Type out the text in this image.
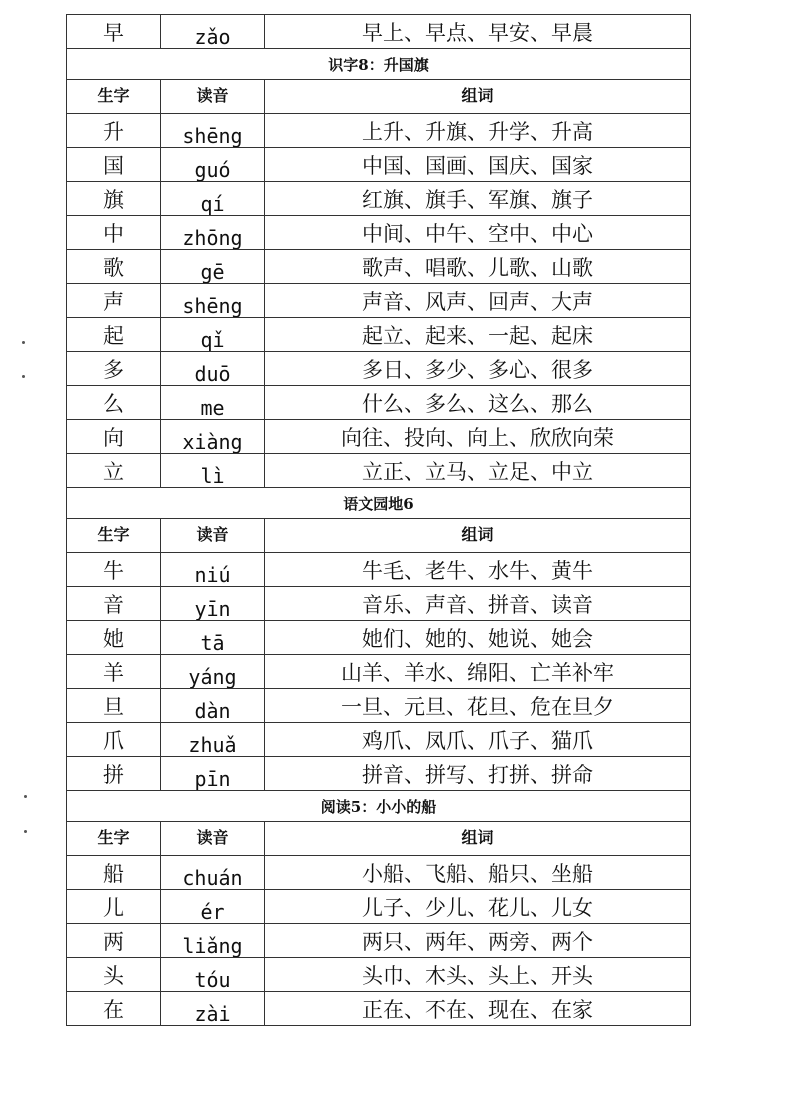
早	zǎo	早上、早点、早安、早晨
识字8：升国旗		
生字	读音	组词
升	shēng	上升、升旗、升学、升高
国	guó	中国、国画、国庆、国家
旗	qí	红旗、旗手、军旗、旗子
中	zhōng	中间、中午、空中、中心
歌	gē	歌声、唱歌、儿歌、山歌
声	shēng	声音、风声、回声、大声
起	qǐ	起立、起来、一起、起床
多	duō	多日、多少、多心、很多
么	me	什么、多么、这么、那么
向	xiàng	向往、投向、向上、欣欣向荣
立	lì	立正、立马、立足、中立
语文园地6		
生字	读音	组词
牛	niú	牛毛、老牛、水牛、黄牛
音	yīn	音乐、声音、拼音、读音
她	tā	她们、她的、她说、她会
羊	yáng	山羊、羊水、绵阳、亡羊补牢
旦	dàn	一旦、元旦、花旦、危在旦夕
爪	zhuǎ	鸡爪、凤爪、爪子、猫爪
拼	pīn	拼音、拼写、打拼、拼命
阅读5：小小的船		
生字	读音	组词
船	chuán	小船、飞船、船只、坐船
儿	ér	儿子、少儿、花儿、儿女
两	liǎng	两只、两年、两旁、两个
头	tóu	头巾、木头、头上、开头
在	zài	正在、不在、现在、在家
